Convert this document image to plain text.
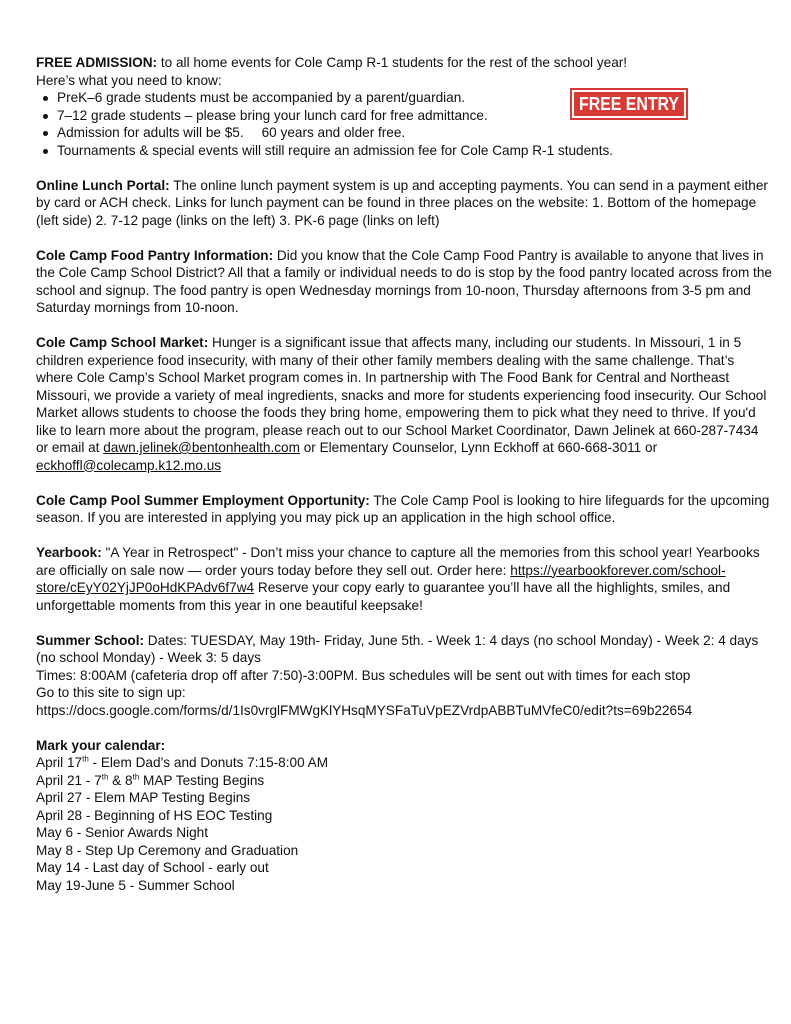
FREE ADMISSION: to all home events for Cole Camp R-1 students for the rest of the school year!

Here’s what you need to know:

PreK–6 grade students must be accompanied by a parent/guardian.
7–12 grade students – please bring your lunch card for free admittance.
Admission for adults will be $5. 60 years and older free.
Tournaments & special events will still require an admission fee for Cole Camp R-1 students.

Online Lunch Portal: The online lunch payment system is up and accepting payments. You can send in a payment either by card or ACH check. Links for lunch payment can be found in three places on the website: 1. Bottom of the homepage (left side) 2. 7-12 page (links on the left) 3. PK-6 page (links on left)

Cole Camp Food Pantry Information: Did you know that the Cole Camp Food Pantry is available to anyone that lives in the Cole Camp School District? All that a family or individual needs to do is stop by the food pantry located across from the school and signup. The food pantry is open Wednesday mornings from 10-noon, Thursday afternoons from 3-5 pm and Saturday mornings from 10-noon.

Cole Camp School Market: Hunger is a significant issue that affects many, including our students. In Missouri, 1 in 5 children experience food insecurity, with many of their other family members dealing with the same challenge. That’s where Cole Camp’s School Market program comes in. In partnership with The Food Bank for Central and Northeast Missouri, we provide a variety of meal ingredients, snacks and more for students experiencing food insecurity. Our School Market allows students to choose the foods they bring home, empowering them to pick what they need to thrive. If you'd like to learn more about the program, please reach out to our School Market Coordinator, Dawn Jelinek at 660-287-7434 or email at dawn.jelinek@bentonhealth.com or Elementary Counselor, Lynn Eckhoff at 660-668-3011 or eckhoffl@colecamp.k12.mo.us

Cole Camp Pool Summer Employment Opportunity: The Cole Camp Pool is looking to hire lifeguards for the upcoming season. If you are interested in applying you may pick up an application in the high school office.

Yearbook: "A Year in Retrospect" - Don’t miss your chance to capture all the memories from this school year! Yearbooks are officially on sale now — order yours today before they sell out. Order here: https://yearbookforever.com/school-store/cEyY02YjJP0oHdKPAdv6f7w4 Reserve your copy early to guarantee you’ll have all the highlights, smiles, and unforgettable moments from this year in one beautiful keepsake!

Summer School: Dates: TUESDAY, May 19th- Friday, June 5th. - Week 1: 4 days (no school Monday) - Week 2: 4 days (no school Monday) - Week 3: 5 days

Times: 8:00AM (cafeteria drop off after 7:50)-3:00PM. Bus schedules will be sent out with times for each stop

Go to this site to sign up:

https://docs.google.com/forms/d/1Is0vrglFMWgKlYHsqMYSFaTuVpEZVrdpABBTuMVfeC0/edit?ts=69b22654

Mark your calendar:

April 17th - Elem Dad’s and Donuts 7:15-8:00 AM
April 21 - 7th & 8th MAP Testing Begins
April 27 - Elem MAP Testing Begins
April 28 - Beginning of HS EOC Testing
May 6 - Senior Awards Night
May 8 - Step Up Ceremony and Graduation
May 14 - Last day of School - early out
May 19-June 5 - Summer School
FREE ENTRY
